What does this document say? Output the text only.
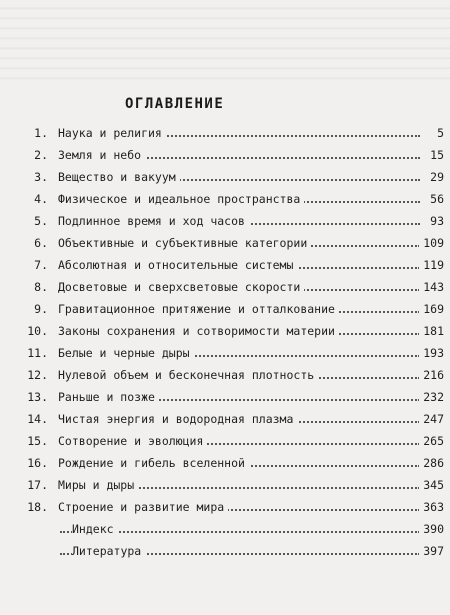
ОГЛАВЛЕНИЕ
1. Наука и религия	5
2. Земля и небо	15
3. Вещество и вакуум	29
4. Физическое и идеальное пространства	56
5. Подлинное время и ход часов	93
6. Объективные и субъективные категории	109
7. Абсолютная и относительные системы	119
8. Досветовые и сверхсветовые скорости	143
9. Гравитационное притяжение и отталкование	169
10. Законы сохранения и сотворимости материи	181
11. Белые и черные дыры	193
12. Нулевой объем и бесконечная плотность	216
13. Раньше и позже	232
14. Чистая энергия и водородная плазма	247
15. Сотворение и эволюция	265
16. Рождение и гибель вселенной	286
17. Миры и дыры	345
18. Строение и развитие мира	363
Индекс	390
Литература	397
